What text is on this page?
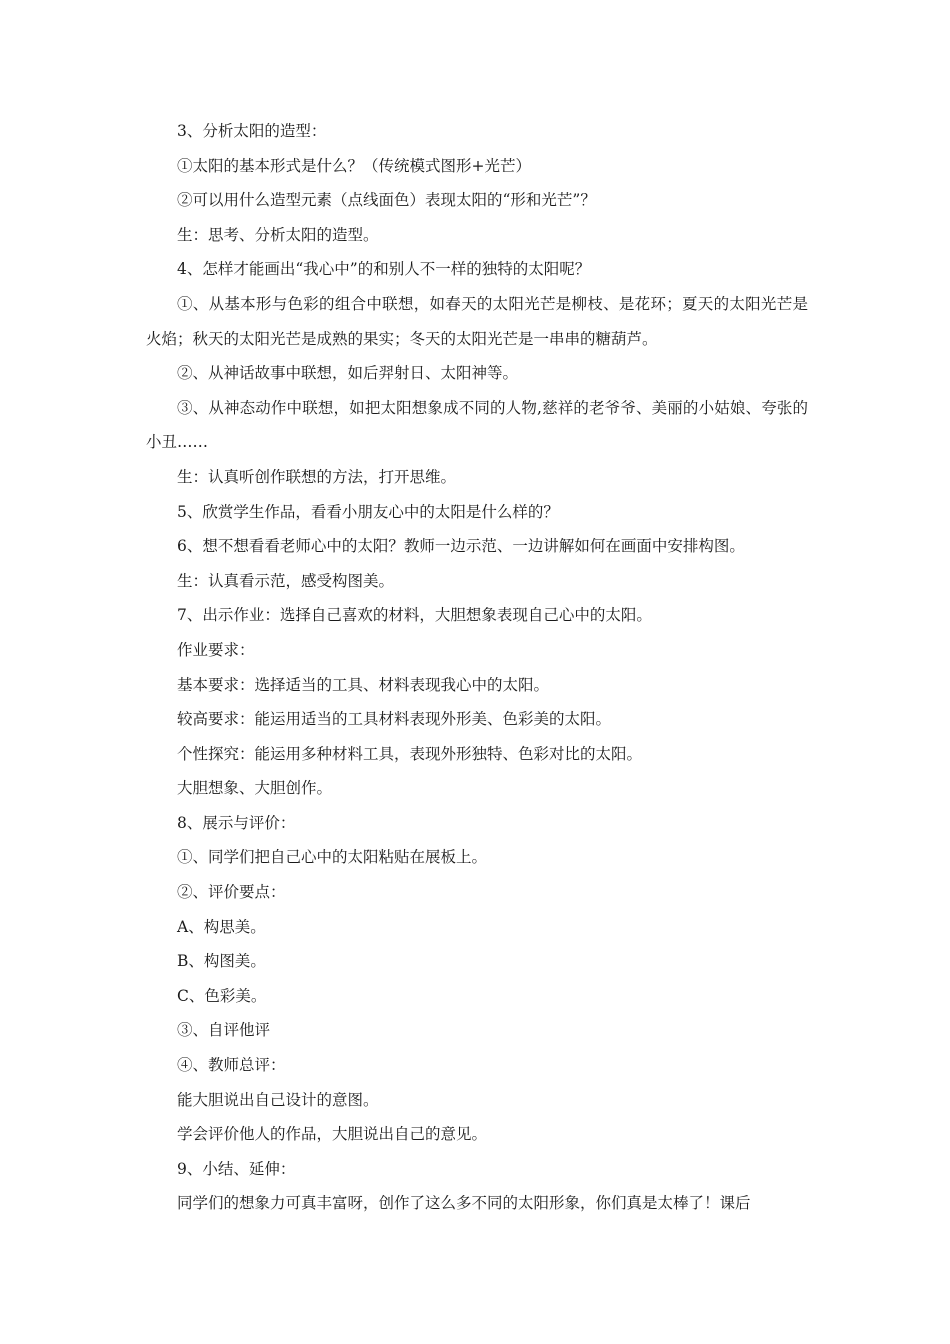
3、分析太阳的造型：

①太阳的基本形式是什么？（传统模式图形+光芒）

②可以用什么造型元素（点线面色）表现太阳的“形和光芒”？

生：思考、分析太阳的造型。

4、怎样才能画出“我心中”的和别人不一样的独特的太阳呢？

①、从基本形与色彩的组合中联想，如春天的太阳光芒是柳枝、是花环；夏天的太阳光芒是火焰；秋天的太阳光芒是成熟的果实；冬天的太阳光芒是一串串的糖葫芦。

②、从神话故事中联想，如后羿射日、太阳神等。

③、从神态动作中联想，如把太阳想象成不同的人物,慈祥的老爷爷、美丽的小姑娘、夸张的小丑……

生：认真听创作联想的方法，打开思维。

5、欣赏学生作品，看看小朋友心中的太阳是什么样的？

6、想不想看看老师心中的太阳？教师一边示范、一边讲解如何在画面中安排构图。

生：认真看示范，感受构图美。

7、出示作业：选择自己喜欢的材料，大胆想象表现自己心中的太阳。

作业要求：

基本要求：选择适当的工具、材料表现我心中的太阳。

较高要求：能运用适当的工具材料表现外形美、色彩美的太阳。

个性探究：能运用多种材料工具，表现外形独特、色彩对比的太阳。

大胆想象、大胆创作。

8、展示与评价：

①、同学们把自己心中的太阳粘贴在展板上。

②、评价要点：

A、构思美。

B、构图美。

C、色彩美。

③、自评他评

④、教师总评：

能大胆说出自己设计的意图。

学会评价他人的作品，大胆说出自己的意见。

9、小结、延伸：

同学们的想象力可真丰富呀，创作了这么多不同的太阳形象，你们真是太棒了！课后
